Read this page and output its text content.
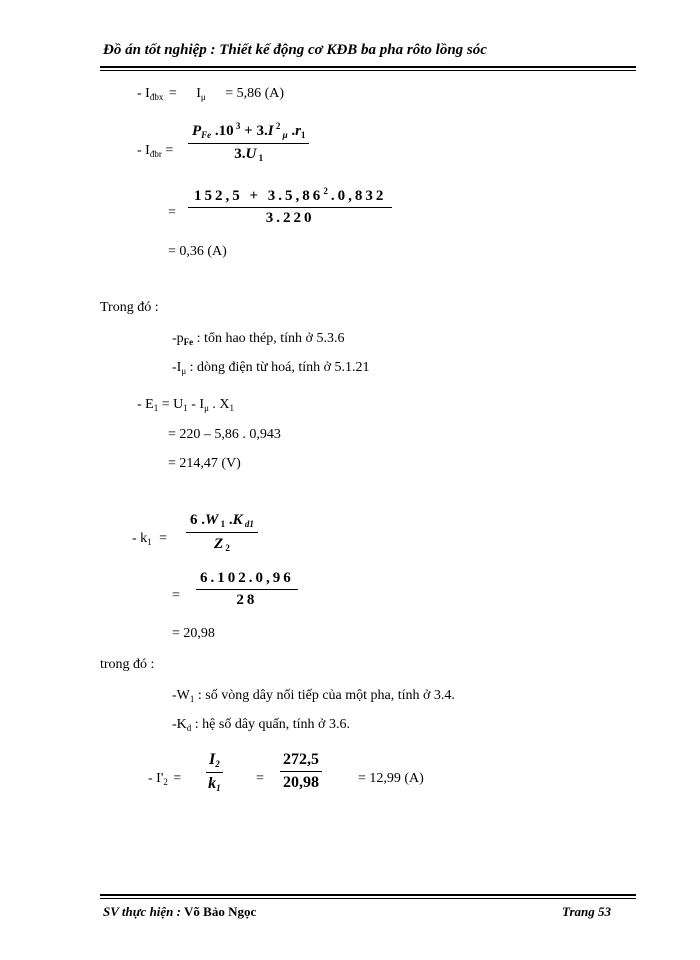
Đồ án tốt nghiệp : Thiết kế động cơ KĐB ba pha rôto lồng sóc
- $I_{đbx} = I_\mu = 5,86$ (A)
- $I_{đbr}$ =
$P_{Fe}$ .10 $^3$ + 3.I $^2$ $_\mu$ $.r_1$
3.U $_1$
=
$152,5 + 3.5,86^2.0,832$
3.220
= 0,36 (A)
Trong đó :
$-p_{Fe}$ : tổn hao thép, tính ở 5.3.6
$-I_\mu$ : dòng điện từ hoá, tính ở 5.1.21
- $E_1 = U_1 - I_\mu$ . $X_1$
= 220 – 5,86 . 0,943
= 214,47 (V)
- $k_1$ =
6 .W $_1$ .K $_{d1}$
Z $_2$
=
6.102.0,96
28
= 20,98
trong đó :
$-W_1$ : số vòng dây nối tiếp của một pha, tính ở 3.4.
$-K_d$ : hệ số dây quấn, tính ở 3.6.
- $I'_2$ =
$I_2$
$k_1$
=
272,5
20,98	= 12,99 (A)
SV thực hiện : Võ Bảo Ngọc	Trang 53
